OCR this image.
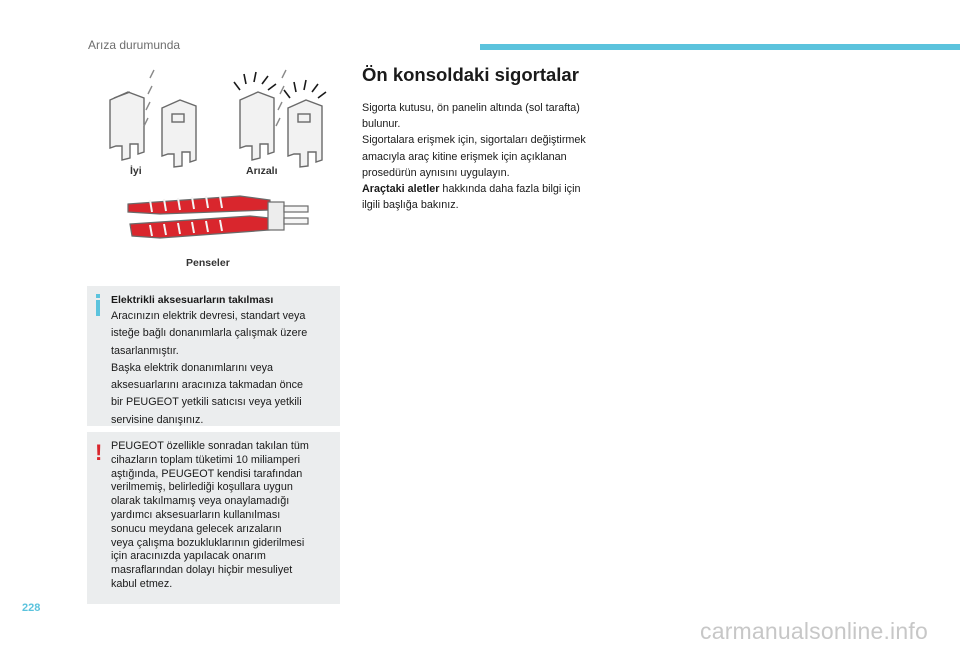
Arıza durumunda
İyi	Arızalı
Penseler
Elektrikli aksesuarların takılması
Aracınızın elektrik devresi, standart veya
isteğe bağlı donanımlarla çalışmak üzere
tasarlanmıştır.
Başka elektrik donanımlarını veya
aksesuarlarını aracınıza takmadan önce
bir PEUGEOT yetkili satıcısı veya yetkili
servisine danışınız.
! PEUGEOT özellikle sonradan takılan tüm
cihazların toplam tüketimi 10 miliamperi
aştığında, PEUGEOT kendisi tarafından
verilmemiş, belirlediği koşullara uygun
olarak takılmamış veya onaylamadığı
yardımcı aksesuarların kullanılması
sonucu meydana gelecek arızaların
veya çalışma bozukluklarının giderilmesi
için aracınızda yapılacak onarım
masraflarından dolayı hiçbir mesuliyet
kabul etmez.
Ön konsoldaki sigortalar
Sigorta kutusu, ön panelin altında (sol tarafta)
bulunur.
Sigortalara erişmek için, sigortaları değiştirmek
amacıyla araç kitine erişmek için açıklanan
prosedürün aynısını uygulayın.
Araçtaki aletler hakkında daha fazla bilgi için
ilgili başlığa bakınız.
228
carmanualsonline.info
